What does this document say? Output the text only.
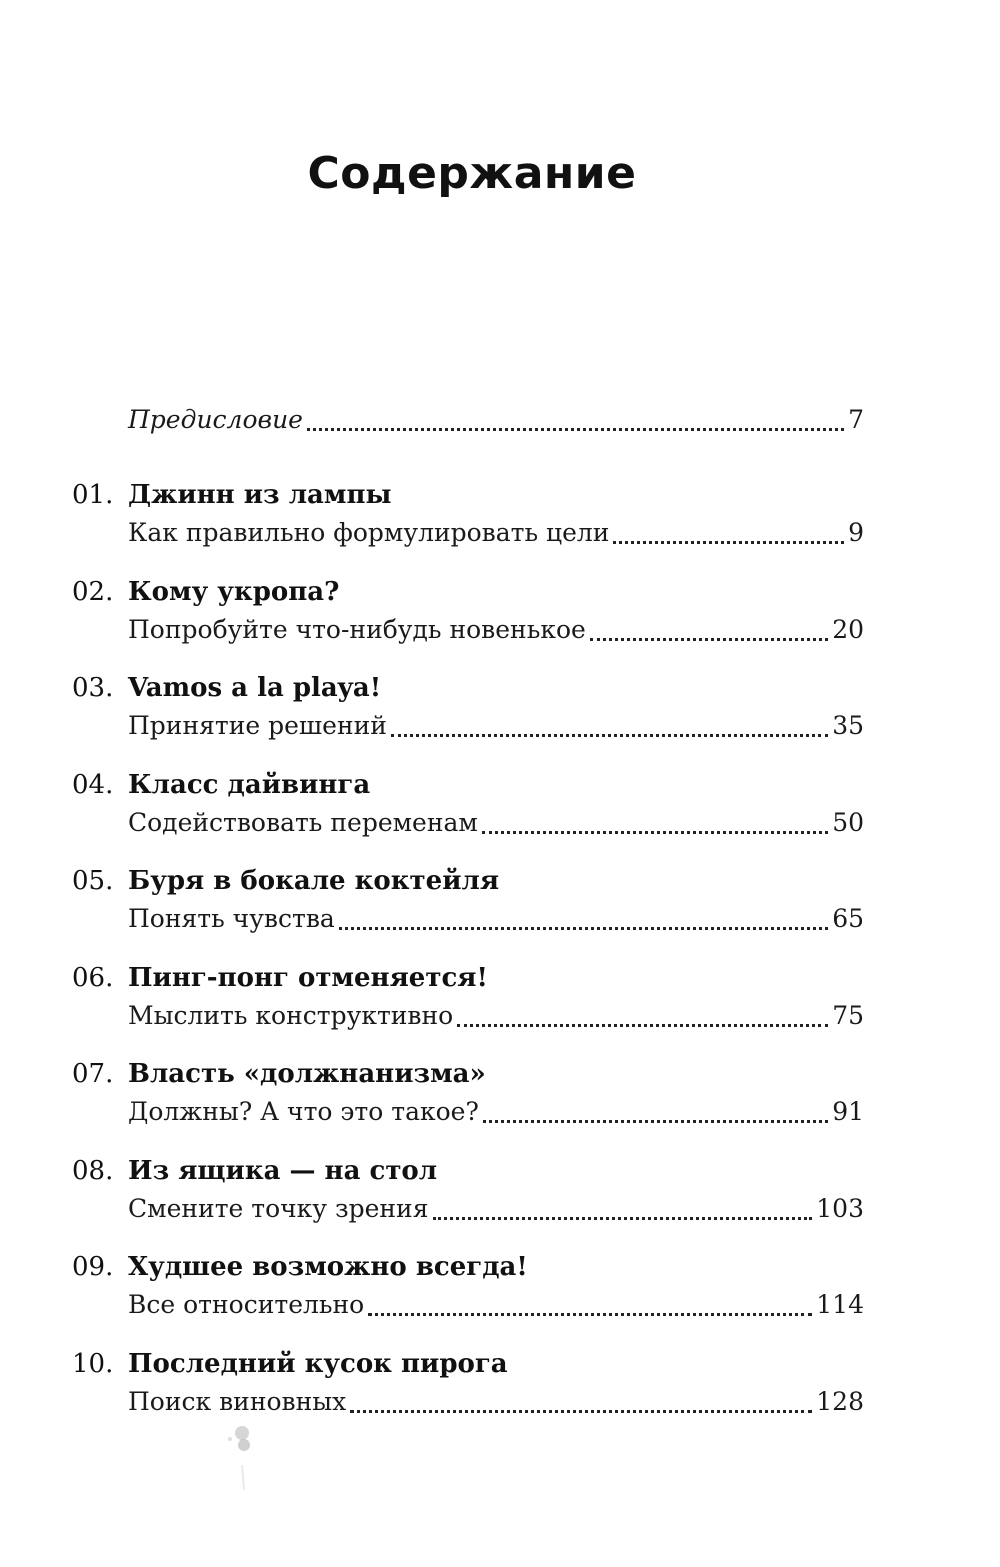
Содержание
Предисловие	7
01. Джинн из лампы
Как правильно формулировать цели	9
02. Кому укропа?
Попробуйте что-нибудь новенькое	20
03. Vamos a la playa!
Принятие решений	35
04. Класс дайвинга
Содействовать переменам	50
05. Буря в бокале коктейля
Понять чувства	65
06. Пинг-понг отменяется!
Мыслить конструктивно	75
07. Власть «должнанизма»
Должны? А что это такое?	91
08. Из ящика — на стол
Смените точку зрения	103
09. Худшее возможно всегда!
Все относительно	114
10. Последний кусок пирога
Поиск виновных	128
